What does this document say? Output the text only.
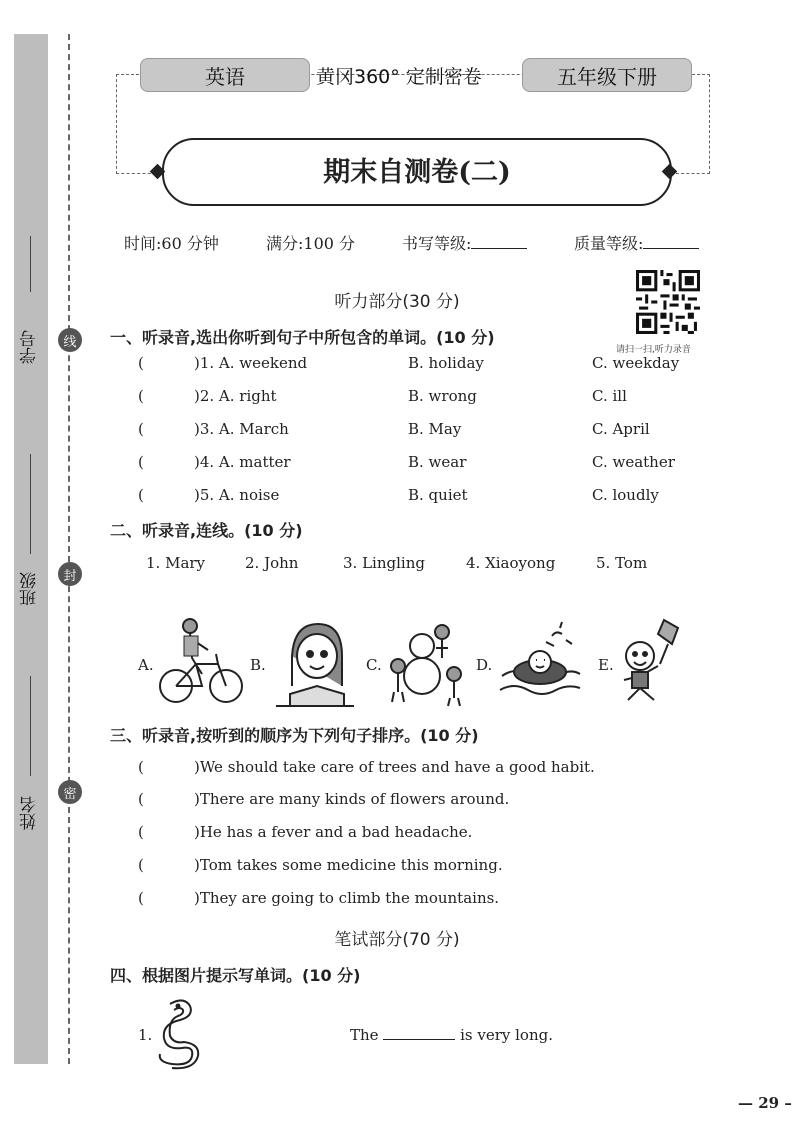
学号
班级
姓名
线
封
密
英语	黄冈360° 定制密卷	五年级下册
期末自测卷(二)
时间:60 分钟	满分:100 分	书写等级:	质量等级:
听力部分(30 分)
请扫一扫,听力录音
一、听录音,选出你听到句子中所包含的单词。(10 分)
(	)1. A. weekend	B. holiday	C. weekday
(	)2. A. right	B. wrong	C. ill
(	)3. A. March	B. May	C. April
(	)4. A. matter	B. wear	C. weather
(	)5. A. noise	B. quiet	C. loudly
二、听录音,连线。(10 分)
1. Mary	2. John	3. Lingling	4. Xiaoyong	5. Tom
A.	B.	C.	D.	E.
三、听录音,按听到的顺序为下列句子排序。(10 分)
(	)We should take care of trees and have a good habit.
(	)There are many kinds of flowers around.
(	)He has a fever and a bad headache.
(	)Tom takes some medicine this morning.
(	)They are going to climb the mountains.
笔试部分(70 分)
四、根据图片提示写单词。(10 分)
1.	The	is very long.
— 29 –
